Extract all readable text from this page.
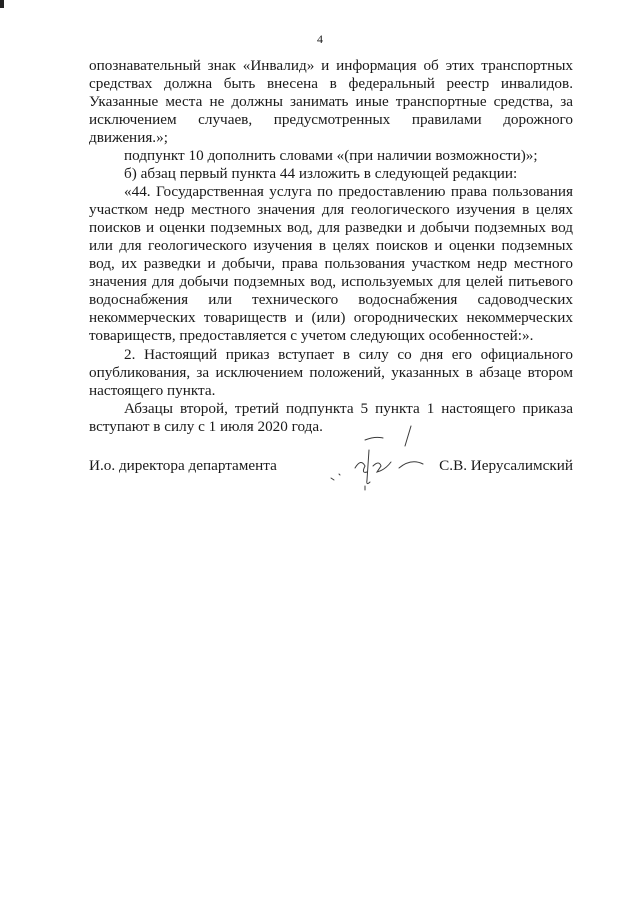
4
опознавательный знак «Инвалид» и информация об этих транспортных
средствах должна быть внесена в федеральный реестр инвалидов.
Указанные места не должны занимать иные транспортные средства, за
исключением случаев, предусмотренных правилами дорожного
движения.»;
подпункт 10 дополнить словами «(при наличии возможности)»;
б) абзац первый пункта 44 изложить в следующей редакции:
«44. Государственная услуга по предоставлению права пользования
участком недр местного значения для геологического изучения в целях
поисков и оценки подземных вод, для разведки и добычи подземных вод
или для геологического изучения в целях поисков и оценки подземных
вод, их разведки и добычи, права пользования участком недр местного
значения для добычи подземных вод, используемых для целей питьевого
водоснабжения или технического водоснабжения садоводческих
некоммерческих товариществ и (или) огороднических некоммерческих
товариществ, предоставляется с учетом следующих особенностей:».
2. Настоящий приказ вступает в силу со дня его официального
опубликования, за исключением положений, указанных в абзаце втором
настоящего пункта.
Абзацы второй, третий подпункта 5 пункта 1 настоящего приказа
вступают в силу с 1 июля 2020 года.
И.о. директора департамента	С.В. Иерусалимский
